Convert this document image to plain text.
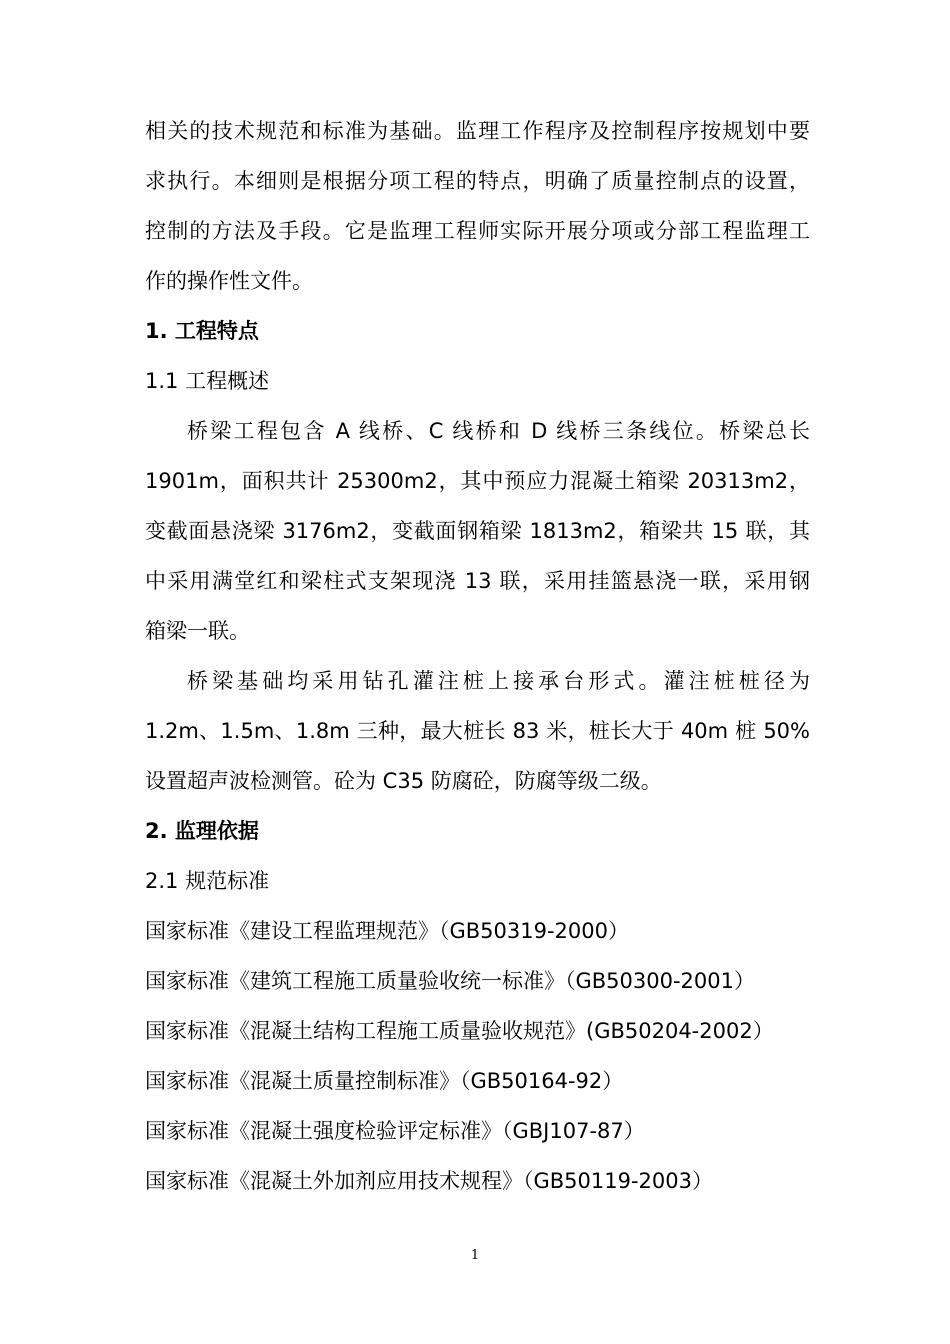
相关的技术规范和标准为基础。监理工作程序及控制程序按规划中要
求执行。本细则是根据分项工程的特点，明确了质量控制点的设置，
控制的方法及手段。它是监理工程师实际开展分项或分部工程监理工
作的操作性文件。
1. 工程特点
1.1 工程概述
桥梁工程包含 A 线桥、C 线桥和 D 线桥三条线位。桥梁总长
1901m，面积共计 25300m2，其中预应力混凝土箱梁 20313m2，
变截面悬浇梁 3176m2，变截面钢箱梁 1813m2，箱梁共 15 联，其
中采用满堂红和梁柱式支架现浇 13 联，采用挂篮悬浇一联，采用钢
箱梁一联。
桥梁基础均采用钻孔灌注桩上接承台形式。灌注桩桩径为
1.2m、1.5m、1.8m 三种，最大桩长 83 米，桩长大于 40m 桩 50%
设置超声波检测管。砼为 C35 防腐砼，防腐等级二级。
2. 监理依据
2.1 规范标准
国家标准《建设工程监理规范》（GB50319-2000）
国家标准《建筑工程施工质量验收统一标准》（GB50300-2001）
国家标准《混凝土结构工程施工质量验收规范》(GB50204-2002）
国家标准《混凝土质量控制标准》（GB50164-92）
国家标准《混凝土强度检验评定标准》（GBJ107-87）
国家标准《混凝土外加剂应用技术规程》（GB50119-2003）
1
